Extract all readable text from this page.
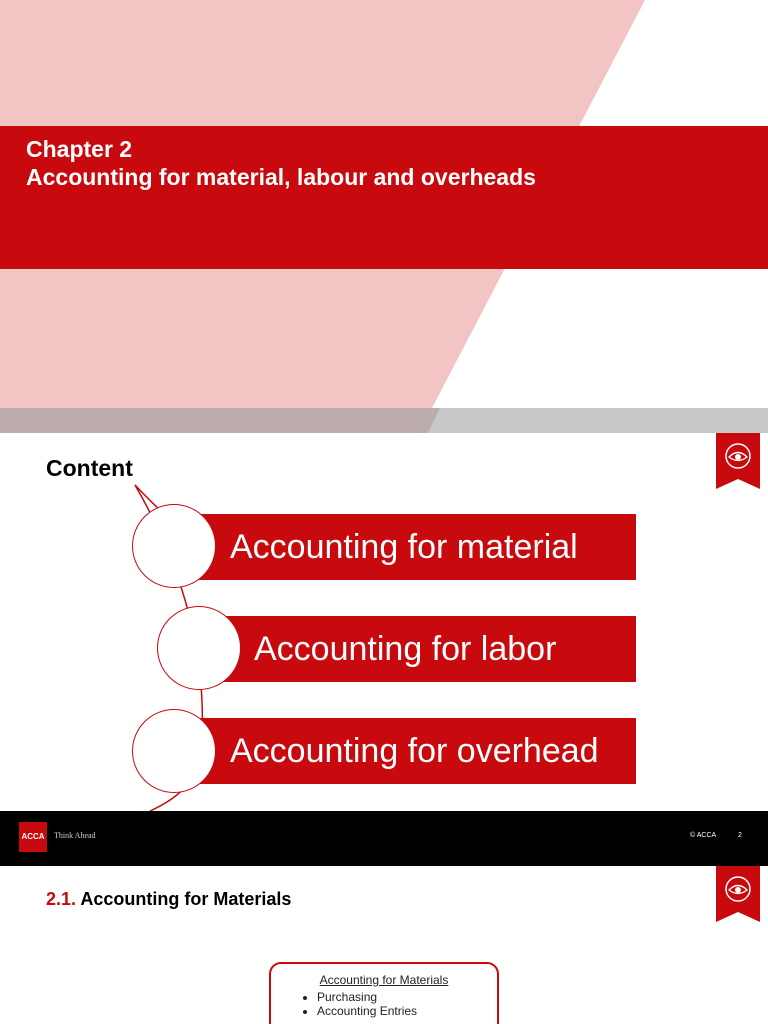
Chapter 2
Accounting for material, labour and overheads
Content
Accounting for material
Accounting for labor
Accounting for overhead
ACCA	Think Ahead	© ACCA	2
2.1. Accounting for Materials
Accounting for Materials
• Purchasing
• Accounting Entries
